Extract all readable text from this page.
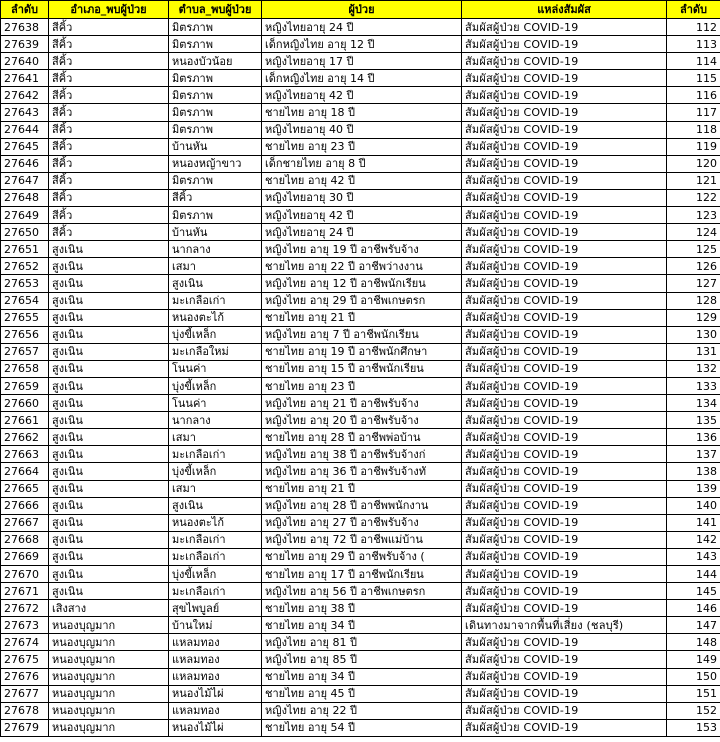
ลำดับ	อำเภอ_พบผู้ป่วย	ตำบล_พบผู้ป่วย	ผู้ป่วย	แหล่งสัมผัส	ลำดับ
27638	สีคิ้ว	มิตรภาพ	หญิงไทยอายุ 24 ปี	สัมผัสผู้ป่วย COVID-19	112
27639	สีคิ้ว	มิตรภาพ	เด็กหญิงไทย อายุ 12 ปี	สัมผัสผู้ป่วย COVID-19	113
27640	สีคิ้ว	หนองบัวน้อย	หญิงไทยอายุ 17 ปี	สัมผัสผู้ป่วย COVID-19	114
27641	สีคิ้ว	มิตรภาพ	เด็กหญิงไทย อายุ 14 ปี	สัมผัสผู้ป่วย COVID-19	115
27642	สีคิ้ว	มิตรภาพ	หญิงไทยอายุ 42 ปี	สัมผัสผู้ป่วย COVID-19	116
27643	สีคิ้ว	มิตรภาพ	ชายไทย อายุ 18 ปี	สัมผัสผู้ป่วย COVID-19	117
27644	สีคิ้ว	มิตรภาพ	หญิงไทยอายุ 40 ปี	สัมผัสผู้ป่วย COVID-19	118
27645	สีคิ้ว	บ้านหัน	ชายไทย อายุ 23 ปี	สัมผัสผู้ป่วย COVID-19	119
27646	สีคิ้ว	หนองหญ้าขาว	เด็กชายไทย อายุ 8 ปี	สัมผัสผู้ป่วย COVID-19	120
27647	สีคิ้ว	มิตรภาพ	ชายไทย อายุ 42 ปี	สัมผัสผู้ป่วย COVID-19	121
27648	สีคิ้ว	สีคิ้ว	หญิงไทยอายุ 30 ปี	สัมผัสผู้ป่วย COVID-19	122
27649	สีคิ้ว	มิตรภาพ	หญิงไทยอายุ 42 ปี	สัมผัสผู้ป่วย COVID-19	123
27650	สีคิ้ว	บ้านหัน	หญิงไทยอายุ 24 ปี	สัมผัสผู้ป่วย COVID-19	124
27651	สูงเนิน	นากลาง	หญิงไทย อายุ 19 ปี อาชีพรับจ้าง	สัมผัสผู้ป่วย COVID-19	125
27652	สูงเนิน	เสมา	ชายไทย อายุ 22 ปี อาชีพว่างงาน	สัมผัสผู้ป่วย COVID-19	126
27653	สูงเนิน	สูงเนิน	หญิงไทย อายุ 12 ปี อาชีพนักเรียน	สัมผัสผู้ป่วย COVID-19	127
27654	สูงเนิน	มะเกลือเก่า	หญิงไทย อายุ 29 ปี อาชีพเกษตรก	สัมผัสผู้ป่วย COVID-19	128
27655	สูงเนิน	หนองตะไก้	ชายไทย อายุ 21 ปี	สัมผัสผู้ป่วย COVID-19	129
27656	สูงเนิน	บุ่งขี้เหล็ก	หญิงไทย อายุ 7 ปี อาชีพนักเรียน	สัมผัสผู้ป่วย COVID-19	130
27657	สูงเนิน	มะเกลือใหม่	ชายไทย อายุ 19 ปี อาชีพนักศึกษา	สัมผัสผู้ป่วย COVID-19	131
27658	สูงเนิน	โนนค่า	ชายไทย อายุ 15 ปี อาชีพนักเรียน	สัมผัสผู้ป่วย COVID-19	132
27659	สูงเนิน	บุ่งขี้เหล็ก	ชายไทย อายุ 23 ปี	สัมผัสผู้ป่วย COVID-19	133
27660	สูงเนิน	โนนค่า	หญิงไทย อายุ 21 ปี อาชีพรับจ้าง	สัมผัสผู้ป่วย COVID-19	134
27661	สูงเนิน	นากลาง	หญิงไทย อายุ 20 ปี อาชีพรับจ้าง	สัมผัสผู้ป่วย COVID-19	135
27662	สูงเนิน	เสมา	ชายไทย อายุ 28 ปี อาชีพพ่อบ้าน	สัมผัสผู้ป่วย COVID-19	136
27663	สูงเนิน	มะเกลือเก่า	หญิงไทย อายุ 38 ปี อาชีพรับจ้างก่	สัมผัสผู้ป่วย COVID-19	137
27664	สูงเนิน	บุ่งขี้เหล็ก	หญิงไทย อายุ 36 ปี อาชีพรับจ้างทั	สัมผัสผู้ป่วย COVID-19	138
27665	สูงเนิน	เสมา	ชายไทย อายุ 21 ปี	สัมผัสผู้ป่วย COVID-19	139
27666	สูงเนิน	สูงเนิน	หญิงไทย อายุ 28 ปี อาชีพพนักงาน	สัมผัสผู้ป่วย COVID-19	140
27667	สูงเนิน	หนองตะไก้	หญิงไทย อายุ 27 ปี อาชีพรับจ้าง	สัมผัสผู้ป่วย COVID-19	141
27668	สูงเนิน	มะเกลือเก่า	หญิงไทย อายุ 72 ปี อาชีพแม่บ้าน	สัมผัสผู้ป่วย COVID-19	142
27669	สูงเนิน	มะเกลือเก่า	ชายไทย อายุ 29 ปี อาชีพรับจ้าง (	สัมผัสผู้ป่วย COVID-19	143
27670	สูงเนิน	บุ่งขี้เหล็ก	ชายไทย อายุ 17 ปี อาชีพนักเรียน	สัมผัสผู้ป่วย COVID-19	144
27671	สูงเนิน	มะเกลือเก่า	หญิงไทย อายุ 56 ปี อาชีพเกษตรก	สัมผัสผู้ป่วย COVID-19	145
27672	เสิงสาง	สุขไพบูลย์	ชายไทย อายุ 38 ปี	สัมผัสผู้ป่วย COVID-19	146
27673	หนองบุญมาก	บ้านใหม่	ชายไทย อายุ 34 ปี	เดินทางมาจากพื้นที่เสี่ยง (ชลบุรี)	147
27674	หนองบุญมาก	แหลมทอง	หญิงไทย อายุ 81 ปี	สัมผัสผู้ป่วย COVID-19	148
27675	หนองบุญมาก	แหลมทอง	หญิงไทย อายุ 85 ปี	สัมผัสผู้ป่วย COVID-19	149
27676	หนองบุญมาก	แหลมทอง	ชายไทย อายุ 34 ปี	สัมผัสผู้ป่วย COVID-19	150
27677	หนองบุญมาก	หนองไม้ไผ่	ชายไทย อายุ 45 ปี	สัมผัสผู้ป่วย COVID-19	151
27678	หนองบุญมาก	แหลมทอง	หญิงไทย อายุ 22 ปี	สัมผัสผู้ป่วย COVID-19	152
27679	หนองบุญมาก	หนองไม้ไผ่	ชายไทย อายุ 54 ปี	สัมผัสผู้ป่วย COVID-19	153
